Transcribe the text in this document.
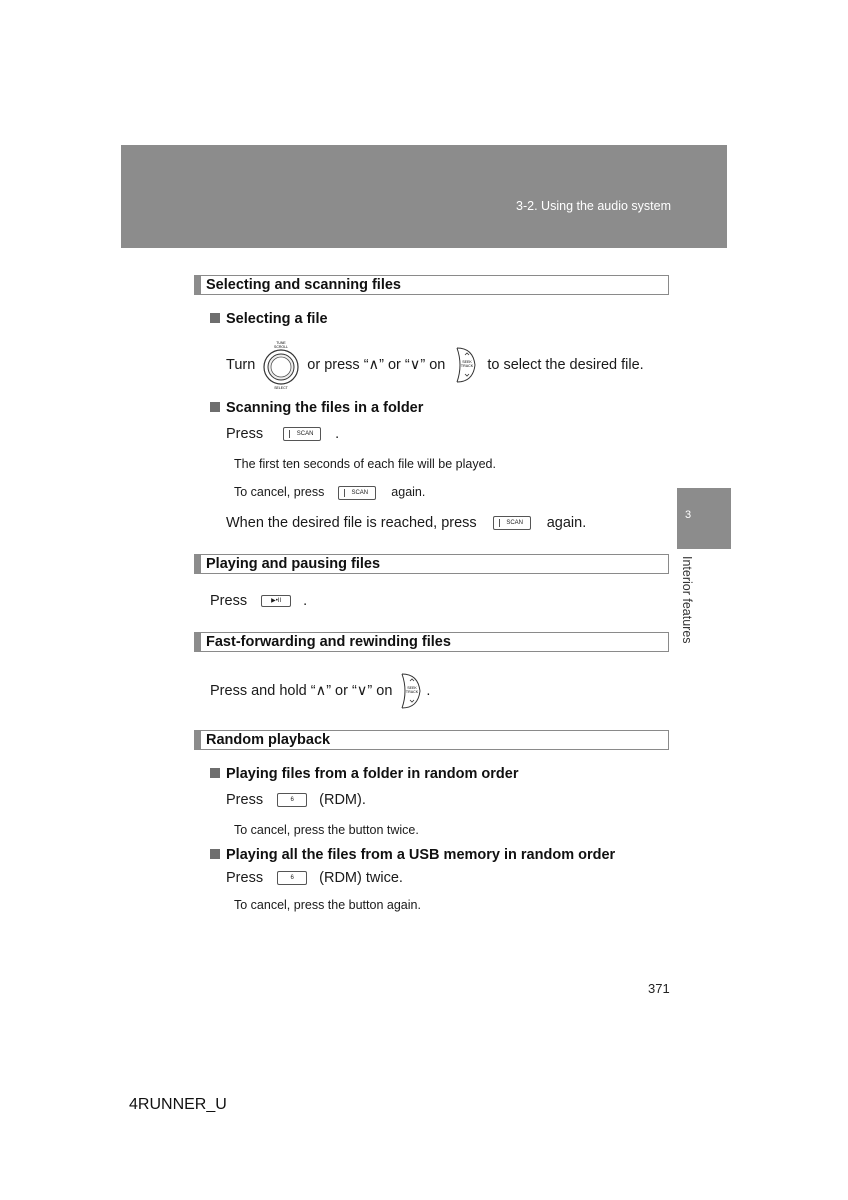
3-2. Using the audio system
3
Interior features
Selecting and scanning files
Selecting a file
Turn
TUNE
SCROLL
SELECT
or press “∧” or “∨” on	SEEK
TRACK to select the desired file.
Scanning the files in a folder
Press	SCAN .
The first ten seconds of each file will be played.
To cancel, press	SCAN again.
When the desired file is reached, press	SCAN again.
Playing and pausing files
Press	▶•II .
Fast-forwarding and rewinding files
Press and hold “∧” or “∨” on	SEEK
TRACK .
Random playback
Playing files from a folder in random order
Press	6 (RDM).
To cancel, press the button twice.
Playing all the files from a USB memory in random order
Press	6 (RDM) twice.
To cancel, press the button again.
371
4RUNNER_U
